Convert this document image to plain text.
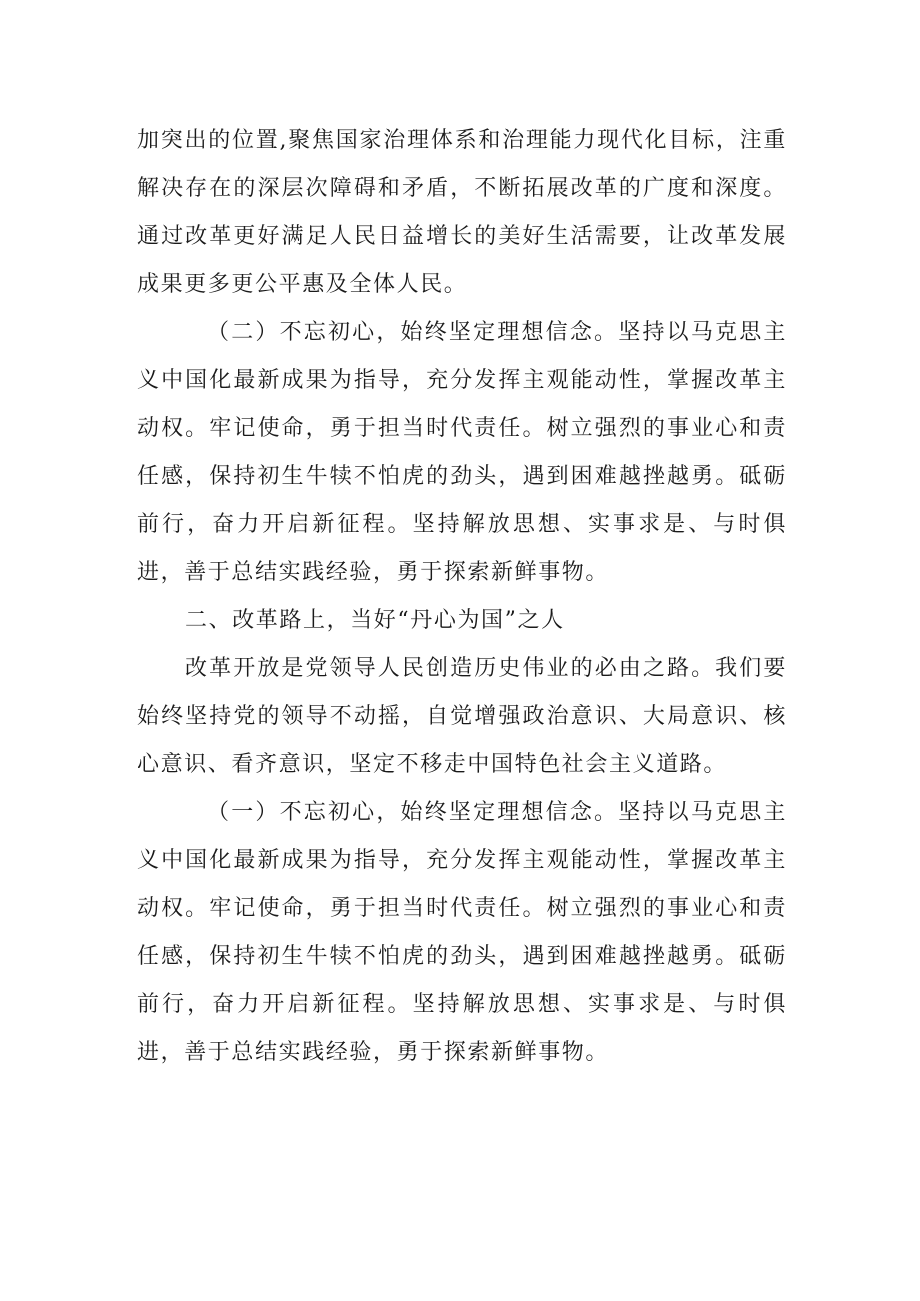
加突出的位置,聚焦国家治理体系和治理能力现代化目标，注重解决存在的深层次障碍和矛盾，不断拓展改革的广度和深度。通过改革更好满足人民日益增长的美好生活需要，让改革发展成果更多更公平惠及全体人民。

（二）不忘初心，始终坚定理想信念。坚持以马克思主义中国化最新成果为指导，充分发挥主观能动性，掌握改革主动权。牢记使命，勇于担当时代责任。树立强烈的事业心和责任感，保持初生牛犊不怕虎的劲头，遇到困难越挫越勇。砥砺前行，奋力开启新征程。坚持解放思想、实事求是、与时俱进，善于总结实践经验，勇于探索新鲜事物。

二、改革路上，当好“丹心为国”之人

改革开放是党领导人民创造历史伟业的必由之路。我们要始终坚持党的领导不动摇，自觉增强政治意识、大局意识、核心意识、看齐意识，坚定不移走中国特色社会主义道路。

（一）不忘初心，始终坚定理想信念。坚持以马克思主义中国化最新成果为指导，充分发挥主观能动性，掌握改革主动权。牢记使命，勇于担当时代责任。树立强烈的事业心和责任感，保持初生牛犊不怕虎的劲头，遇到困难越挫越勇。砥砺前行，奋力开启新征程。坚持解放思想、实事求是、与时俱进，善于总结实践经验，勇于探索新鲜事物。
